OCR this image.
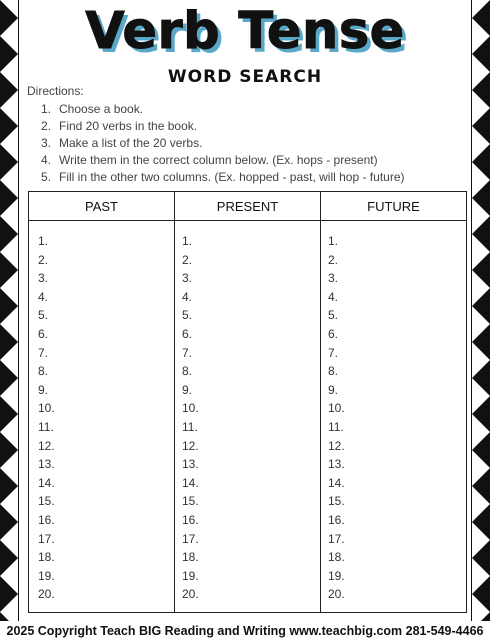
Verb Tense
WORD SEARCH
Directions:
1. Choose a book.
2. Find 20 verbs in the book.
3. Make a list of the 20 verbs.
4. Write them in the correct column below. (Ex. hops - present)
5. Fill in the other two columns. (Ex. hopped - past, will hop - future)
PAST
1.
2.
3.
4.
5.
6.
7.
8.
9.
10.
11.
12.
13.
14.
15.
16.
17.
18.
19.
20.
PRESENT
1.
2.
3.
4.
5.
6.
7.
8.
9.
10.
11.
12.
13.
14.
15.
16.
17.
18.
19.
20.
FUTURE
1.
2.
3.
4.
5.
6.
7.
8.
9.
10.
11.
12.
13.
14.
15.
16.
17.
18.
19.
20.
2025 Copyright Teach BIG Reading and Writing www.teachbig.com 281-549-4466
